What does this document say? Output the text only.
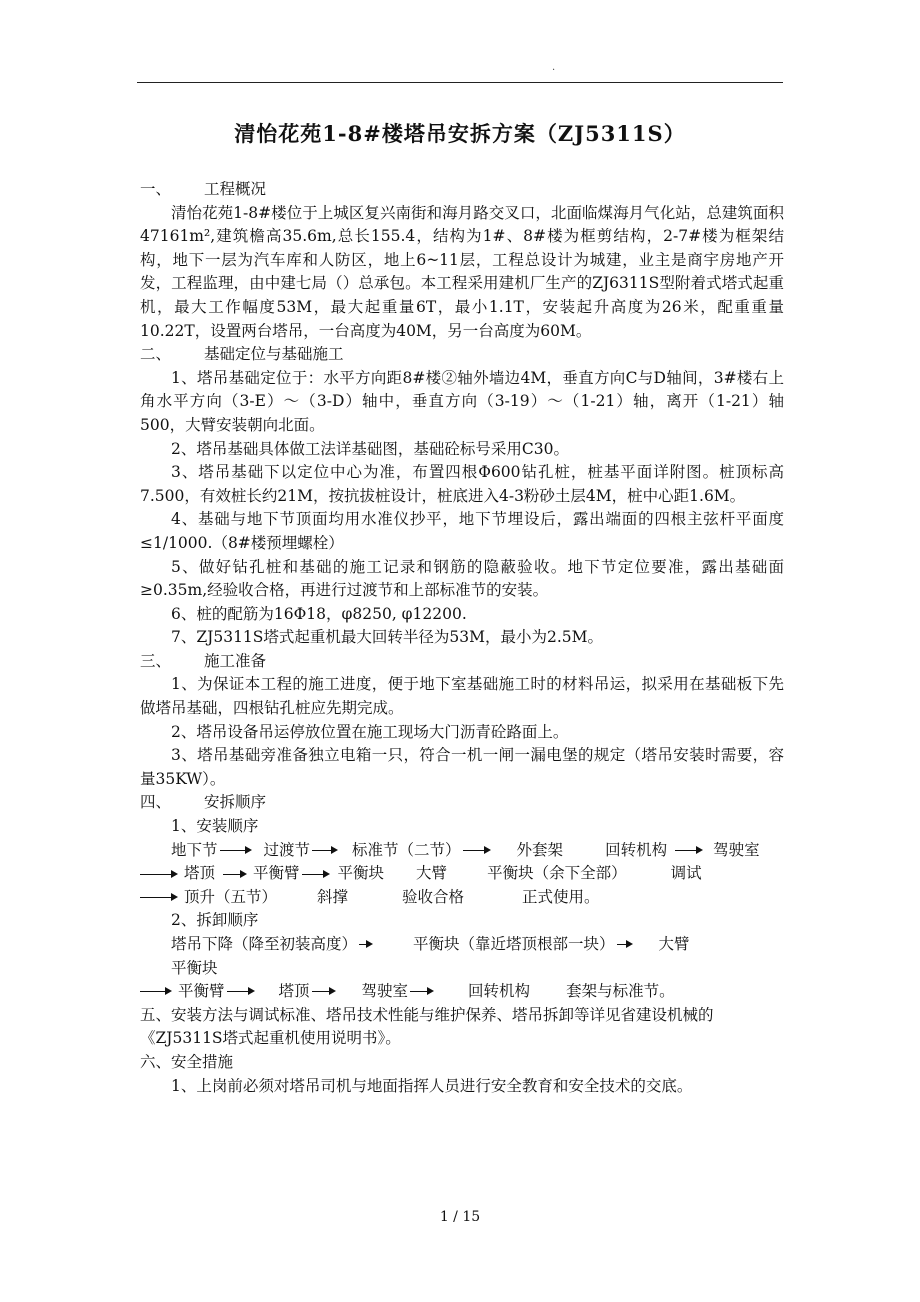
.
清怡花苑1-8#楼塔吊安拆方案（ZJ5311S）
一、	工程概况

清怡花苑1-8#楼位于上城区复兴南街和海月路交叉口，北面临煤海月气化站，总建筑面积47161m²,建筑檐高35.6m,总长155.4，结构为1#、8#楼为框剪结构，2-7#楼为框架结构，地下一层为汽车库和人防区，地上6~11层，工程总设计为城建，业主是商宇房地产开发，工程监理，由中建七局（）总承包。本工程采用建机厂生产的ZJ6311S型附着式塔式起重机，最大工作幅度53M，最大起重量6T，最小1.1T，安装起升高度为26米，配重重量10.22T，设置两台塔吊，一台高度为40M，另一台高度为60M。

二、	基础定位与基础施工

1、塔吊基础定位于：水平方向距8#楼②轴外墙边4M，垂直方向C与D轴间，3#楼右上角水平方向（3-E）～（3-D）轴中，垂直方向（3-19）～（1-21）轴，离开（1-21）轴500，大臂安装朝向北面。

2、塔吊基础具体做工法详基础图，基础砼标号采用C30。

3、塔吊基础下以定位中心为准，布置四根Φ600钻孔桩，桩基平面详附图。桩顶标高7.500，有效桩长约21M，按抗拔桩设计，桩底进入4-3粉砂土层4M，桩中心距1.6M。

4、基础与地下节顶面均用水准仪抄平，地下节埋设后，露出端面的四根主弦杆平面度≤1/1000.（8#楼预埋螺栓）

5、做好钻孔桩和基础的施工记录和钢筋的隐蔽验收。地下节定位要准，露出基础面≥0.35m,经验收合格，再进行过渡节和上部标准节的安装。

6、桩的配筋为16Φ18，φ8250, φ12200.

7、ZJ5311S塔式起重机最大回转半径为53M，最小为2.5M。

三、	施工准备

1、为保证本工程的施工进度，便于地下室基础施工时的材料吊运，拟采用在基础板下先做塔吊基础，四根钻孔桩应先期完成。

2、塔吊设备吊运停放位置在施工现场大门沥青砼路面上。

3、塔吊基础旁准备独立电箱一只，符合一机一闸一漏电堡的规定（塔吊安装时需要，容量35KW）。

四、	安拆顺序

1、安装顺序

地下节	过渡节	标准节（二节）	外套架	回转机构	驾驶室
塔顶 平衡臂 平衡块 大臂	平衡块（余下全部）	调试
顶升（五节）	斜撑	验收合格	正式使用。

2、拆卸顺序

塔吊下降（降至初装高度）	平衡块（靠近塔顶根部一块）	大臂

平衡块

平衡臂	塔顶	驾驶室	回转机构 套架与标准节。

五、安装方法与调试标准、塔吊技术性能与维护保养、塔吊拆卸等详见省建设机械的《ZJ5311S塔式起重机使用说明书》。

六、安全措施

1、上岗前必须对塔吊司机与地面指挥人员进行安全教育和安全技术的交底。

1 / 15
